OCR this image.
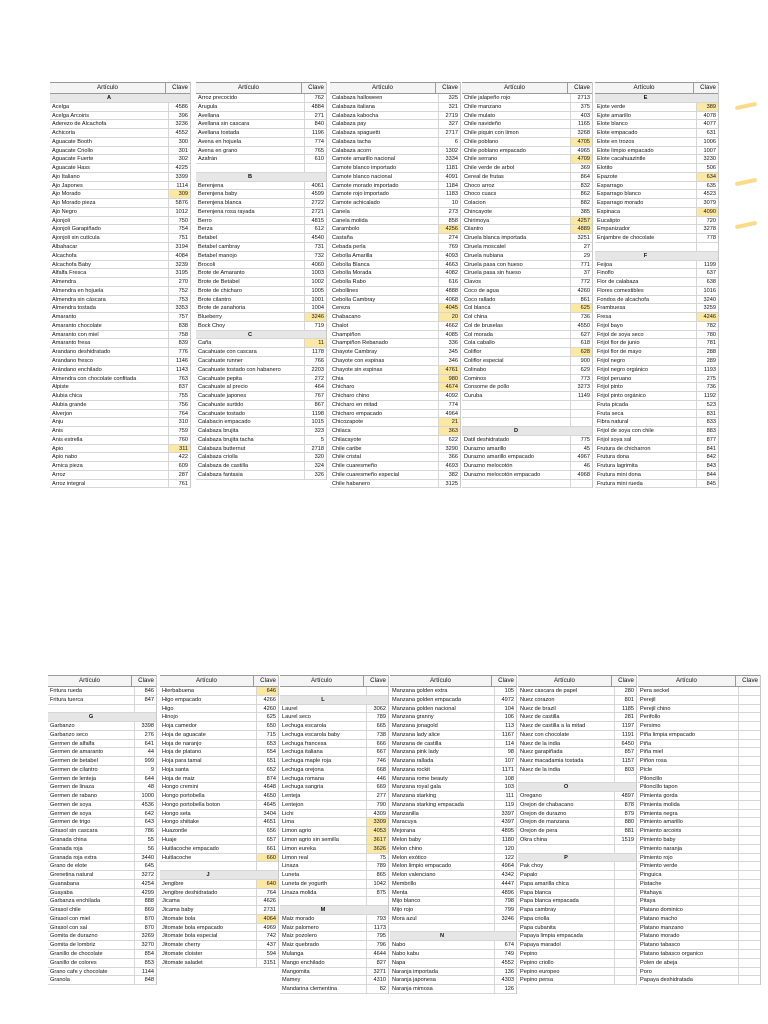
Artículo	Clave
A
Acelga	4586
Acelga Arcoiris	396
Aderezo de Alcachofa	3236
Achicoria	4552
Aguacate Booth	300
Aguacate Criollo	301
Aguacate Fuerte	302
Aguacate Hass	4225
Ajo Italiano	3399
Ajo Japones	1114
Ajo Morado	309
Ajo Morado pieza	5876
Ajo Negro	1012
Ajonjoli	750
Ajonjoli Garapiñado	754
Ajonjoli sin cutícula	751
Albahacar	3194
Alcachofa	4084
Alcachofa Baby	3239
Alfalfa Fresca	3195
Almendra	270
Almendra en hojuela	752
Almendra sin cáscara	753
Almendra tostada	3353
Amaranto	757
Amaranto chocolate	838
Amaranto con miel	758
Amaranto fresa	839
Arandano deshidratado	776
Arandano fresco	1146
Arándano enchilado	1143
Almendra con chocolate confitada	763
Alpiste	837
Alubia chica	755
Alubia grande	756
Alverjon	764
Anju	310
Anis	759
Anis estrella	760
Apio	311
Apio nabo	422
Arnica pieza	609
Arroz	287
Arroz integral	761
Artículo	Clave
Arroz precocido	762
Arugula	4884
Avellana	271
Avellana sin cascara	840
Avellana tostada	1196
Avena en hojuela	774
Avena en grano	765
Azafrán	610
B
Berenjena	4061
Berenjena baby	4599
Berenjena blanca	2722
Berenjena rosa rayada	2721
Berro	4815
Berza	612
Betabel	4540
Betabel cambray	731
Betabel manojo	732
Brocoli	4060
Brote de Amaranto	1003
Brote de Betabel	1002
Brote de chicharo	1005
Brote cilantro	1001
Brote de zanahoria	1004
Blueberry	3246
Bock Choy	719
C
Caña	11
Cacahuate con cascara	1178
Cacahuate runner	766
Cacahuate tostado con habanero	2203
Cacahuate pepita	272
Cacahuate al precio	464
Cacahuate japones	767
Cacahuate surtido	867
Cacahuate tostado	1198
Calabacin empacado	1015
Calabaza brujita	323
Calabaza brujita tacha	5
Calabaza butternut	2718
Calabaza criolla	320
Calabaza de castilla	324
Calabaza fantasia	326
Artículo	Clave
Calabaza halloween	325
Calabaza italiana	321
Calabaza kabocha	2719
Calabaza pay	327
Calabaza spaguetti	2717
Calabaza tacha	6
Calabaza acorn	1302
Camote amarillo nacional	3334
Camote blanco importado	1181
Camote blanco nacional	4091
Camote morado importado	1184
Camote rojo importado	1183
Camote achicalado	10
Canela	273
Canela molida	858
Carambolo	4256
Castaña	274
Cebada perla	769
Cebolla Amarilla	4093
Cebolla Blanca	4663
Cebolla Morada	4082
Cebolla Rabo	616
Cebollines	4888
Cebolla Cambray	4068
Cereza	4045
Chabacano	20
Chalot	4662
Champiñon	4085
Champiñon Rebanado	336
Chayote Cambray	345
Chayote con espinas	346
Chayote sin espinas	4761
Chia	980
Chicharo	4674
Chicharo chino	4092
Chicharo en mitad	774
Chicharo empacado	4964
Chicozapote	21
Chilaca	363
Chilacayote	622
Chile caribe	3290
Chile cristal	366
Chile cuaresmeño	4693
Chile cuaresmeño especial	382
Chile habanero	3125
Artículo	Clave
Chile jalapeño rojo	2713
Chile manzano	375
Chile mulato	403
Chile navideño	1165
Chile piquin con limon	3268
Chile poblano	4705
Chile poblano empacado	4965
Chile serrano	4709
Chile verde de arbol	369
Cereal de frutas	864
Choco arroz	832
Choco cuacs	862
Colacion	882
Chincayote	385
Chirimoya	4257
Cilantro	4889
Ciruela blanca importada	3251
Ciruela moscatel	27
Ciruela nubiana	29
Ciruela pasa con hueso	771
Ciruela pasa sin hueso	37
Clavos	772
Coco de agua	4260
Coco rallado	861
Col blanca	625
Col china	736
Col de bruselas	4550
Col morada	627
Cola caballo	618
Coliflor	628
Coliflor especial	900
Colinabo	629
Cominos	773
Consome de pollo	3273
Curuba	1149
D
Datil deshidratado	775
Durazno amarillo	45
Durazno amarillo empacado	4967
Durazno melocotón	46
Durazno melocotón empacado	4968
Artículo	Clave
E
Ejote verde	389
Ejote amarillo	4078
Elote blanco	4077
Elote empacado	631
Elote en trozos	1006
Elote limpio empacado	1007
Elote cacahuazintle	3230
Elotito	506
Epazote	634
Esparrago	635
Esparrago blanco	4523
Esparrago morado	3079
Espinaca	4090
Eucalipto	720
Empanizador	3278
Enjambre de chocolate	778
F
Feijoa	1199
Finoflo	637
Flor de calabaza	638
Flores comestibles	1016
Fondos de alcachofa	3240
Frambuesa	3259
Fresa	4246
Frijol bayo	782
Frijol de soya seco	780
Frijol flor de junio	781
Frijol flor de mayo	288
Frijol negro	289
Frijol negro orgánico	1193
Frijol peruano	275
Frijol pinto	736
Frijol pinto orgánico	1192
Fruta picada	523
Fruta seca	831
Fibra natural	833
Frijol de soya con chile	883
Frijol soya sal	877
Frutura de chicharron	841
Frutura dona	842
Frutura lagrimita	843
Frutura mini dona	844
Frutura mini rueda	845
Artículo	Clave
Fritura rueda	846
Fritura tuerca	847
G
Garbanzo	3398
Garbanzo seco	276
Germen de alfalfa	641
Germen de amaranto	44
Germen de betabel	999
Germen de cilantro	9
Germen de lenteja	644
Germen de linaza	48
Germen de rabano	1000
Germen de soya	4536
Germen de soya	642
Germen de trigo	643
Girasol sin cascara	786
Granada china	55
Granada roja	56
Granada roja extra	3440
Grano de elote	645
Grenetina natural	3272
Guanabana	4254
Guayaba	4299
Garbanza enchilada	888
Girasol chile	869
Girasol con miel	870
Girasol con sal	870
Gomita de durazno	3269
Gomita de lombriz	3270
Granillo de chocolate	854
Granillo de colores	853
Grano cafe y chocolate	1144
Granola	848
Artículo	Clave
Hierbabuena	646
Higo empacado	4266
Higo	4260
Hinojo	625
Hoja camedor	650
Hoja de aguacate	715
Hoja de naranjo	653
Hoja de platano	654
Hoja para tamal	651
Hoja santa	652
Hoja de maiz	874
Hongo cremini	4648
Hongo portobella	4650
Hongo portobella boton	4645
Hongo seta	3404
Hongo shiitake	4651
Huazontle	656
Huaje	657
Huitlacoche empacado	661
Huitlacoche	660
J
Jengibre	640
Jengibre deshidratado	764
Jicama	4626
Jicama baby	2731
Jitomate bola	4064
Jitomate bola empacado	4969
Jitomate bola especial	742
Jitomate cherry	437
Jitomate cloister	594
Jitomate saladet	3151
Artículo	Clave
L
Laurel	3062
Laurel seco	789
Lechuga escarola	665
Lechuga escarola baby	738
Lechuga francesa	666
Lechuga italiana	667
Lechuga maple roja	746
Lechuga orejona	668
Lechuga romana	446
Lechuga sangria	669
Lenteja	277
Lentejon	790
Lichi	4309
Lima	3309
Limon agrio	4053
Limon agrio sin semilla	3617
Limon eureka	3626
Limon real	75
Linaza	789
Luneta	865
Luneta de yogurth	1042
Linaza molida	875
M
Maiz morado	793
Maiz palomero	1173
Maiz pozolero	795
Maiz quebrado	796
Mulanga	4644
Mango enchilado	827
Mangomita	3271
Mamey	4310
Mandarina clementina	82
Artículo	Clave
Manzana golden extra	105
Manzana golden empacada	4972
Manzana golden nacional	104
Manzana granny	106
Manzana jonagold	113
Manzana lady alice	1167
Manzana de castilla	114
Manzana pink lady	98
Manzana rallada	107
Manzana rockit	1171
Manzana rome beauty	108
Manzana royal gala	103
Manzana starking	111
Manzana starking empacada	119
Manzanilla	3397
Maracuya	4397
Mejorana	4895
Melon baby	1180
Melon chino	120
Melon exótico	122
Melon limpio empacado	4964
Melon valenciano	4342
Membrillo	4447
Menta	4896
Mijo blanco	798
Mijo rojo	799
Mora azul	3246
N
Nabo	674
Nabo kabu	749
Napa	4552
Naranja importada	136
Naranja japonesa	4303
Naranja mimosa	126
Artículo	Clave
Nuez cascara de papel	280
Nuez corazon	801
Nuez de brazil	1185
Nuez de castilla	281
Nuez de castilla a la mitad	1197
Nuez con chocolate	1191
Nuez de la india	6450
Nuez garapiñada	857
Nuez macadamia tostada	1157
Nuez de la india	803
O
Oregano	4897
Orejon de chabacano	878
Orejon de durazno	879
Orejon de manzana	880
Orejon de pera	881
Okra china	1519
P
Pak choy
Papalo
Papa amarilla chica
Papa blanca
Papa blanca empacada
Papa cambray
Papa criolla
Papa cubanita
Papaya limpia empacada
Papaya maradol
Pepino
Pepino criollo
Pepino europeo
Pepino persa
Artículo	Clave
Pera seckel
Perejil
Perejil chino
Perifollo
Persimo
Piña limpia empacado
Piña
Piña miel
Piñon rosa
Picle
Piloncillo
Piloncillo tapon
Pimienta gorda
Pimienta molida
Pimienta negra
Pimiento amarillo
Pimiento arcoiris
Pimiento baby
Pimiento naranja
Pimiento rojo
Pimiento verde
Pinguica
Pistache
Pitahaya
Pitaya
Platano dominico
Platano macho
Platano manzano
Platano morado
Platano tabasco
Platano tabasco organico
Polen de abeja
Poro
Papaya deshidratada
